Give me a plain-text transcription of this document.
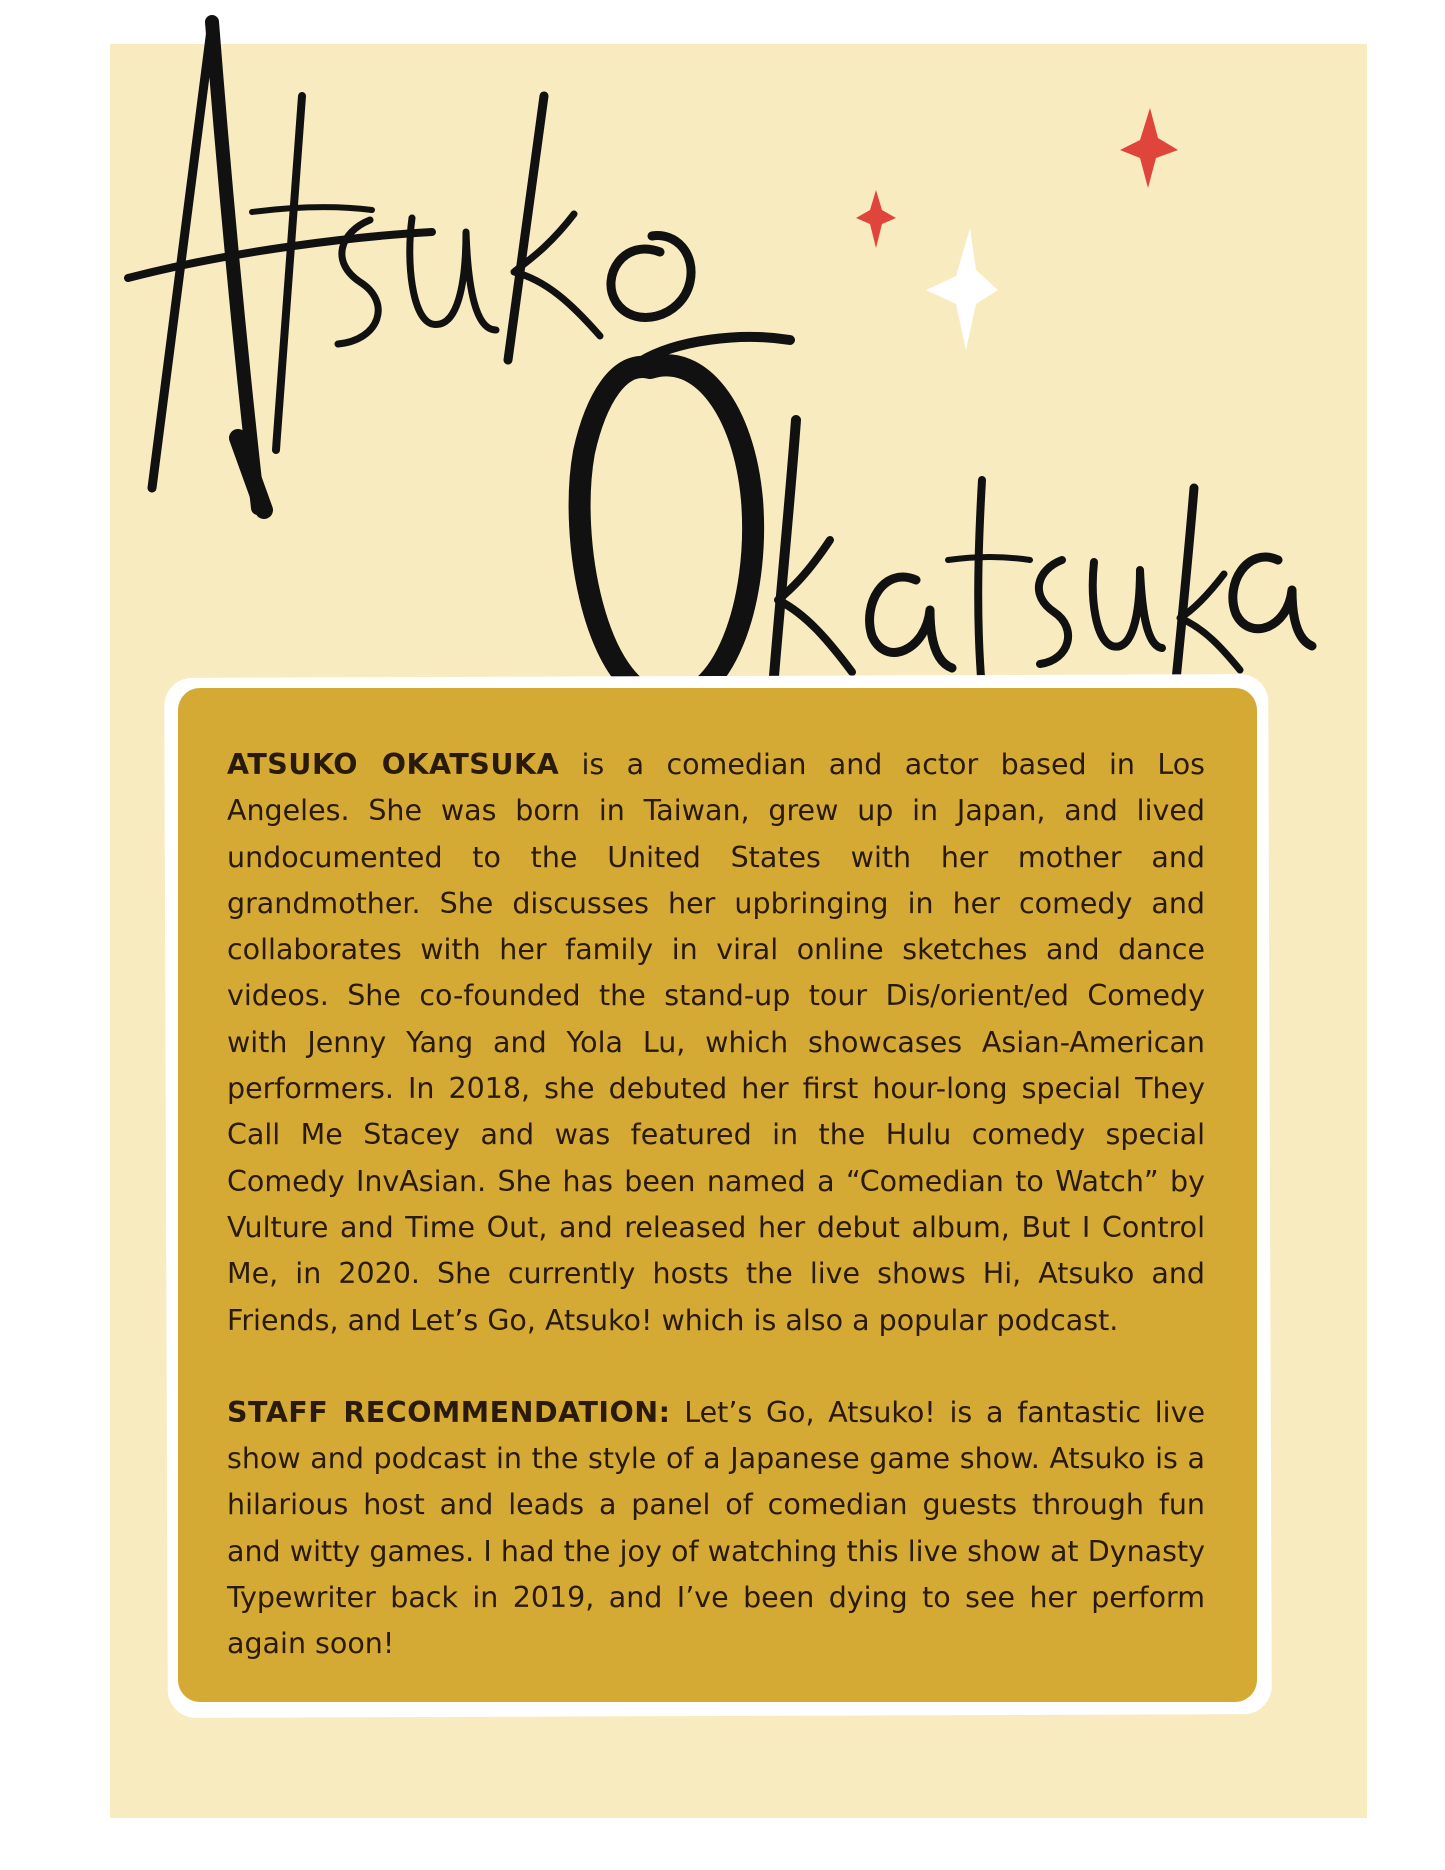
ATSUKO OKATSUKA is a comedian and actor based in Los Angeles. She was born in Taiwan, grew up in Japan, and lived undocumented to the United States with her mother and grandmother. She discusses her upbringing in her comedy and collaborates with her family in viral online sketches and dance videos. She co-founded the stand-up tour Dis/orient/ed Comedy with Jenny Yang and Yola Lu, which showcases Asian-American performers. In 2018, she debuted her first hour-long special They Call Me Stacey and was featured in the Hulu comedy special Comedy InvAsian. She has been named a “Comedian to Watch” by Vulture and Time Out, and released her debut album, But I Control Me, in 2020. She currently hosts the live shows Hi, Atsuko and Friends, and Let’s Go, Atsuko! which is also a popular podcast.

STAFF RECOMMENDATION: Let’s Go, Atsuko! is a fantastic live show and podcast in the style of a Japanese game show. Atsuko is a hilarious host and leads a panel of comedian guests through fun and witty games. I had the joy of watching this live show at Dynasty Typewriter back in 2019, and I’ve been dying to see her perform again soon!
